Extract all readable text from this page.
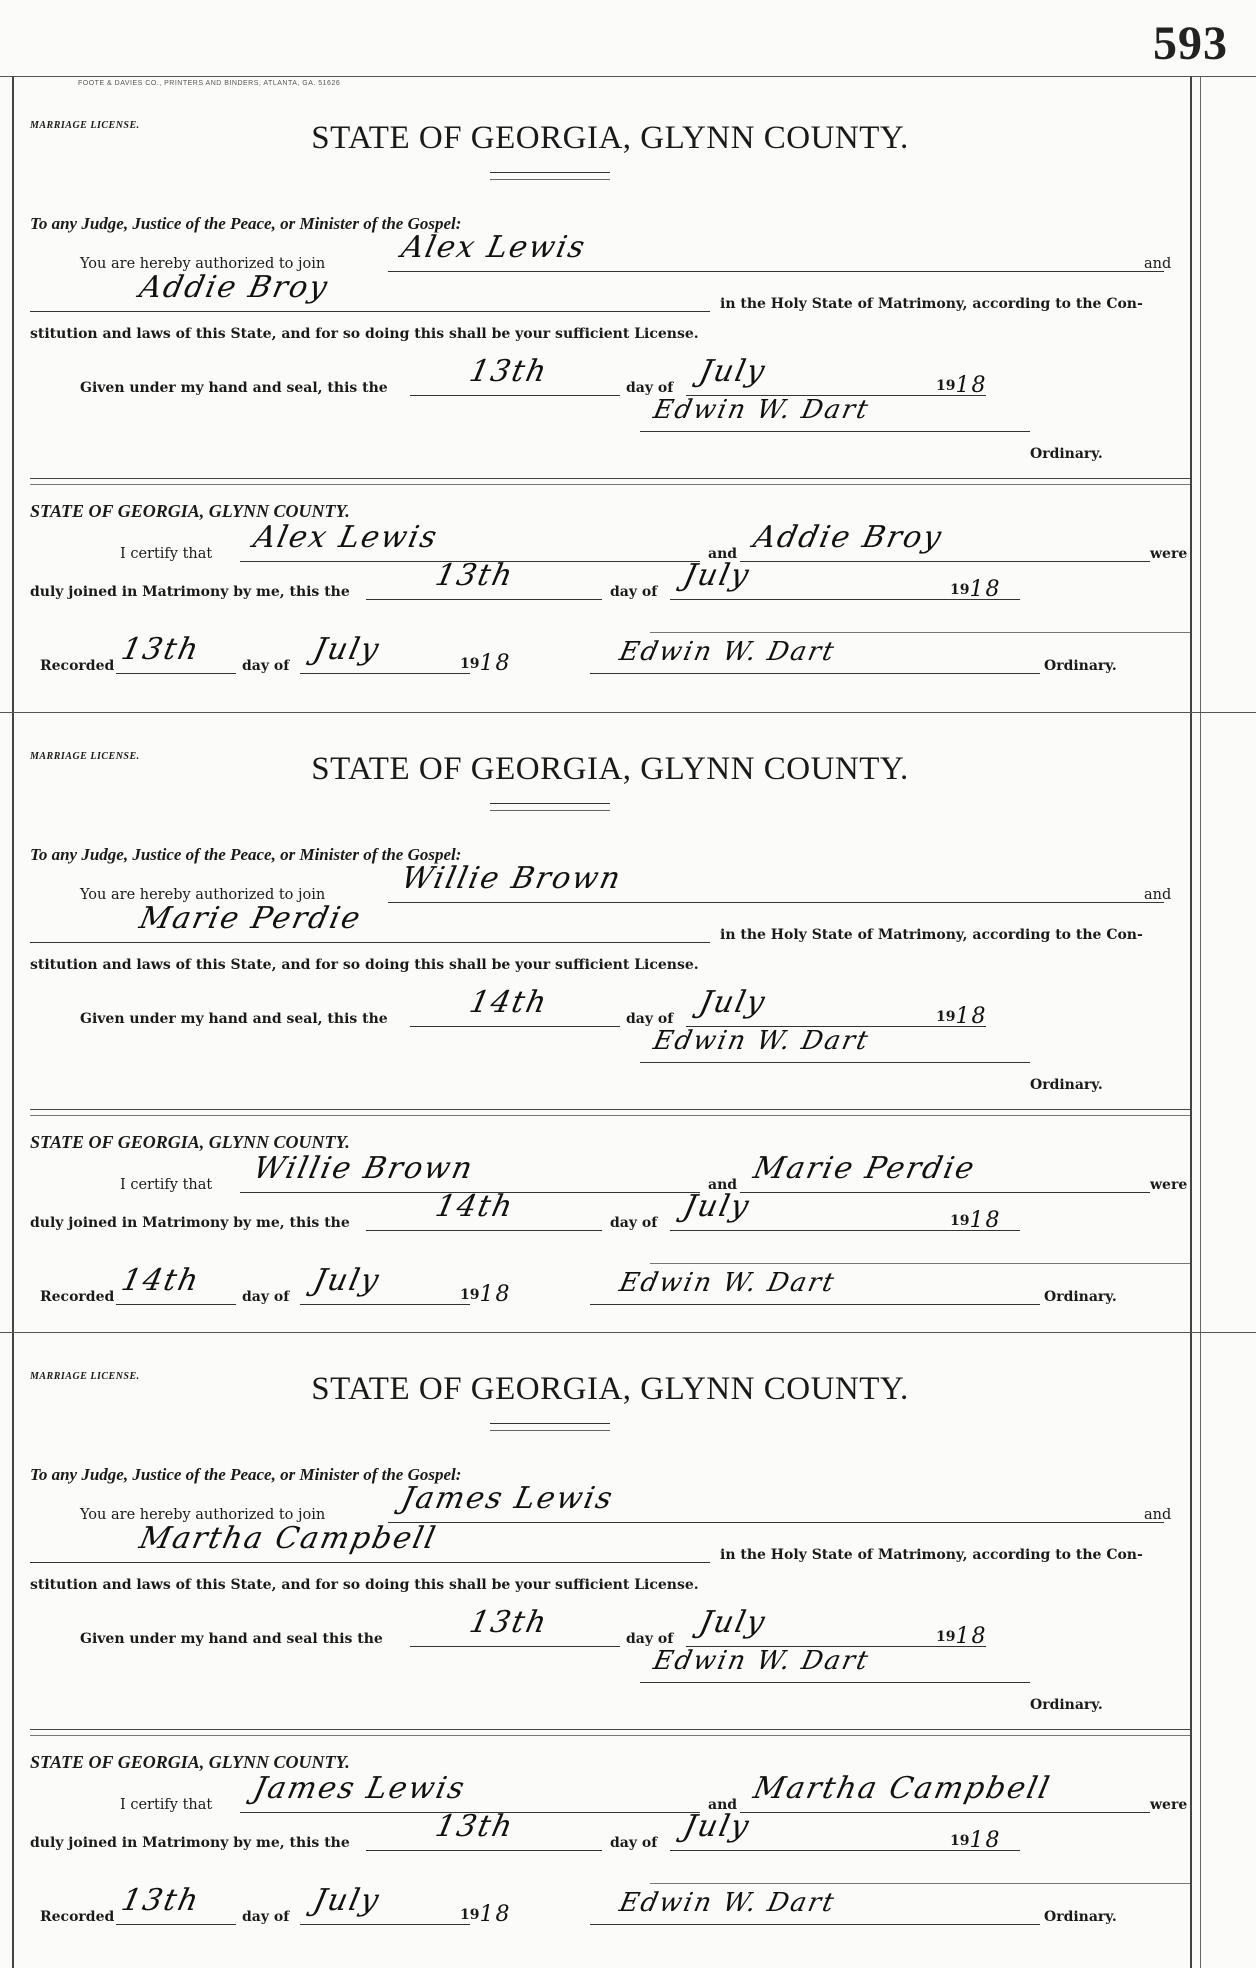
593
FOOTE & DAVIES CO., PRINTERS AND BINDERS, ATLANTA, GA. 51626
MARRIAGE LICENSE.	STATE OF GEORGIA, GLYNN COUNTY.
To any Judge, Justice of the Peace, or Minister of the Gospel:
You are hereby authorized to join Alex Lewis	and
Addie Broy	in the Holy State of Matrimony, according to the Con-
stitution and laws of this State, and for so doing this shall be your sufficient License.
Given under my hand and seal, this the	13th	day of July	1918
Edwin W. Dart
Ordinary.
STATE OF GEORGIA, GLYNN COUNTY.
I certify that Alex Lewis	and Addie Broy	were
duly joined in Matrimony by me, this the	13th	day of July	1918
Recorded 13th	day of July	1918	Edwin W. Dart	Ordinary.
MARRIAGE LICENSE.	STATE OF GEORGIA, GLYNN COUNTY.
To any Judge, Justice of the Peace, or Minister of the Gospel:
You are hereby authorized to join Willie Brown	and
Marie Perdie	in the Holy State of Matrimony, according to the Con-
stitution and laws of this State, and for so doing this shall be your sufficient License.
Given under my hand and seal, this the	14th	day of July	1918
Edwin W. Dart
Ordinary.
STATE OF GEORGIA, GLYNN COUNTY.
I certify that Willie Brown	and Marie Perdie	were
duly joined in Matrimony by me, this the	14th	day of July	1918
Recorded 14th	day of July	1918	Edwin W. Dart	Ordinary.
MARRIAGE LICENSE.	STATE OF GEORGIA, GLYNN COUNTY.
To any Judge, Justice of the Peace, or Minister of the Gospel:
You are hereby authorized to join James Lewis	and
Martha Campbell	in the Holy State of Matrimony, according to the Con-
stitution and laws of this State, and for so doing this shall be your sufficient License.
Given under my hand and seal this the	13th	day of July	1918
Edwin W. Dart
Ordinary.
STATE OF GEORGIA, GLYNN COUNTY.
I certify that James Lewis	and Martha Campbell	were
duly joined in Matrimony by me, this the	13th	day of July	1918
Recorded 13th	day of July	1918	Edwin W. Dart	Ordinary.
